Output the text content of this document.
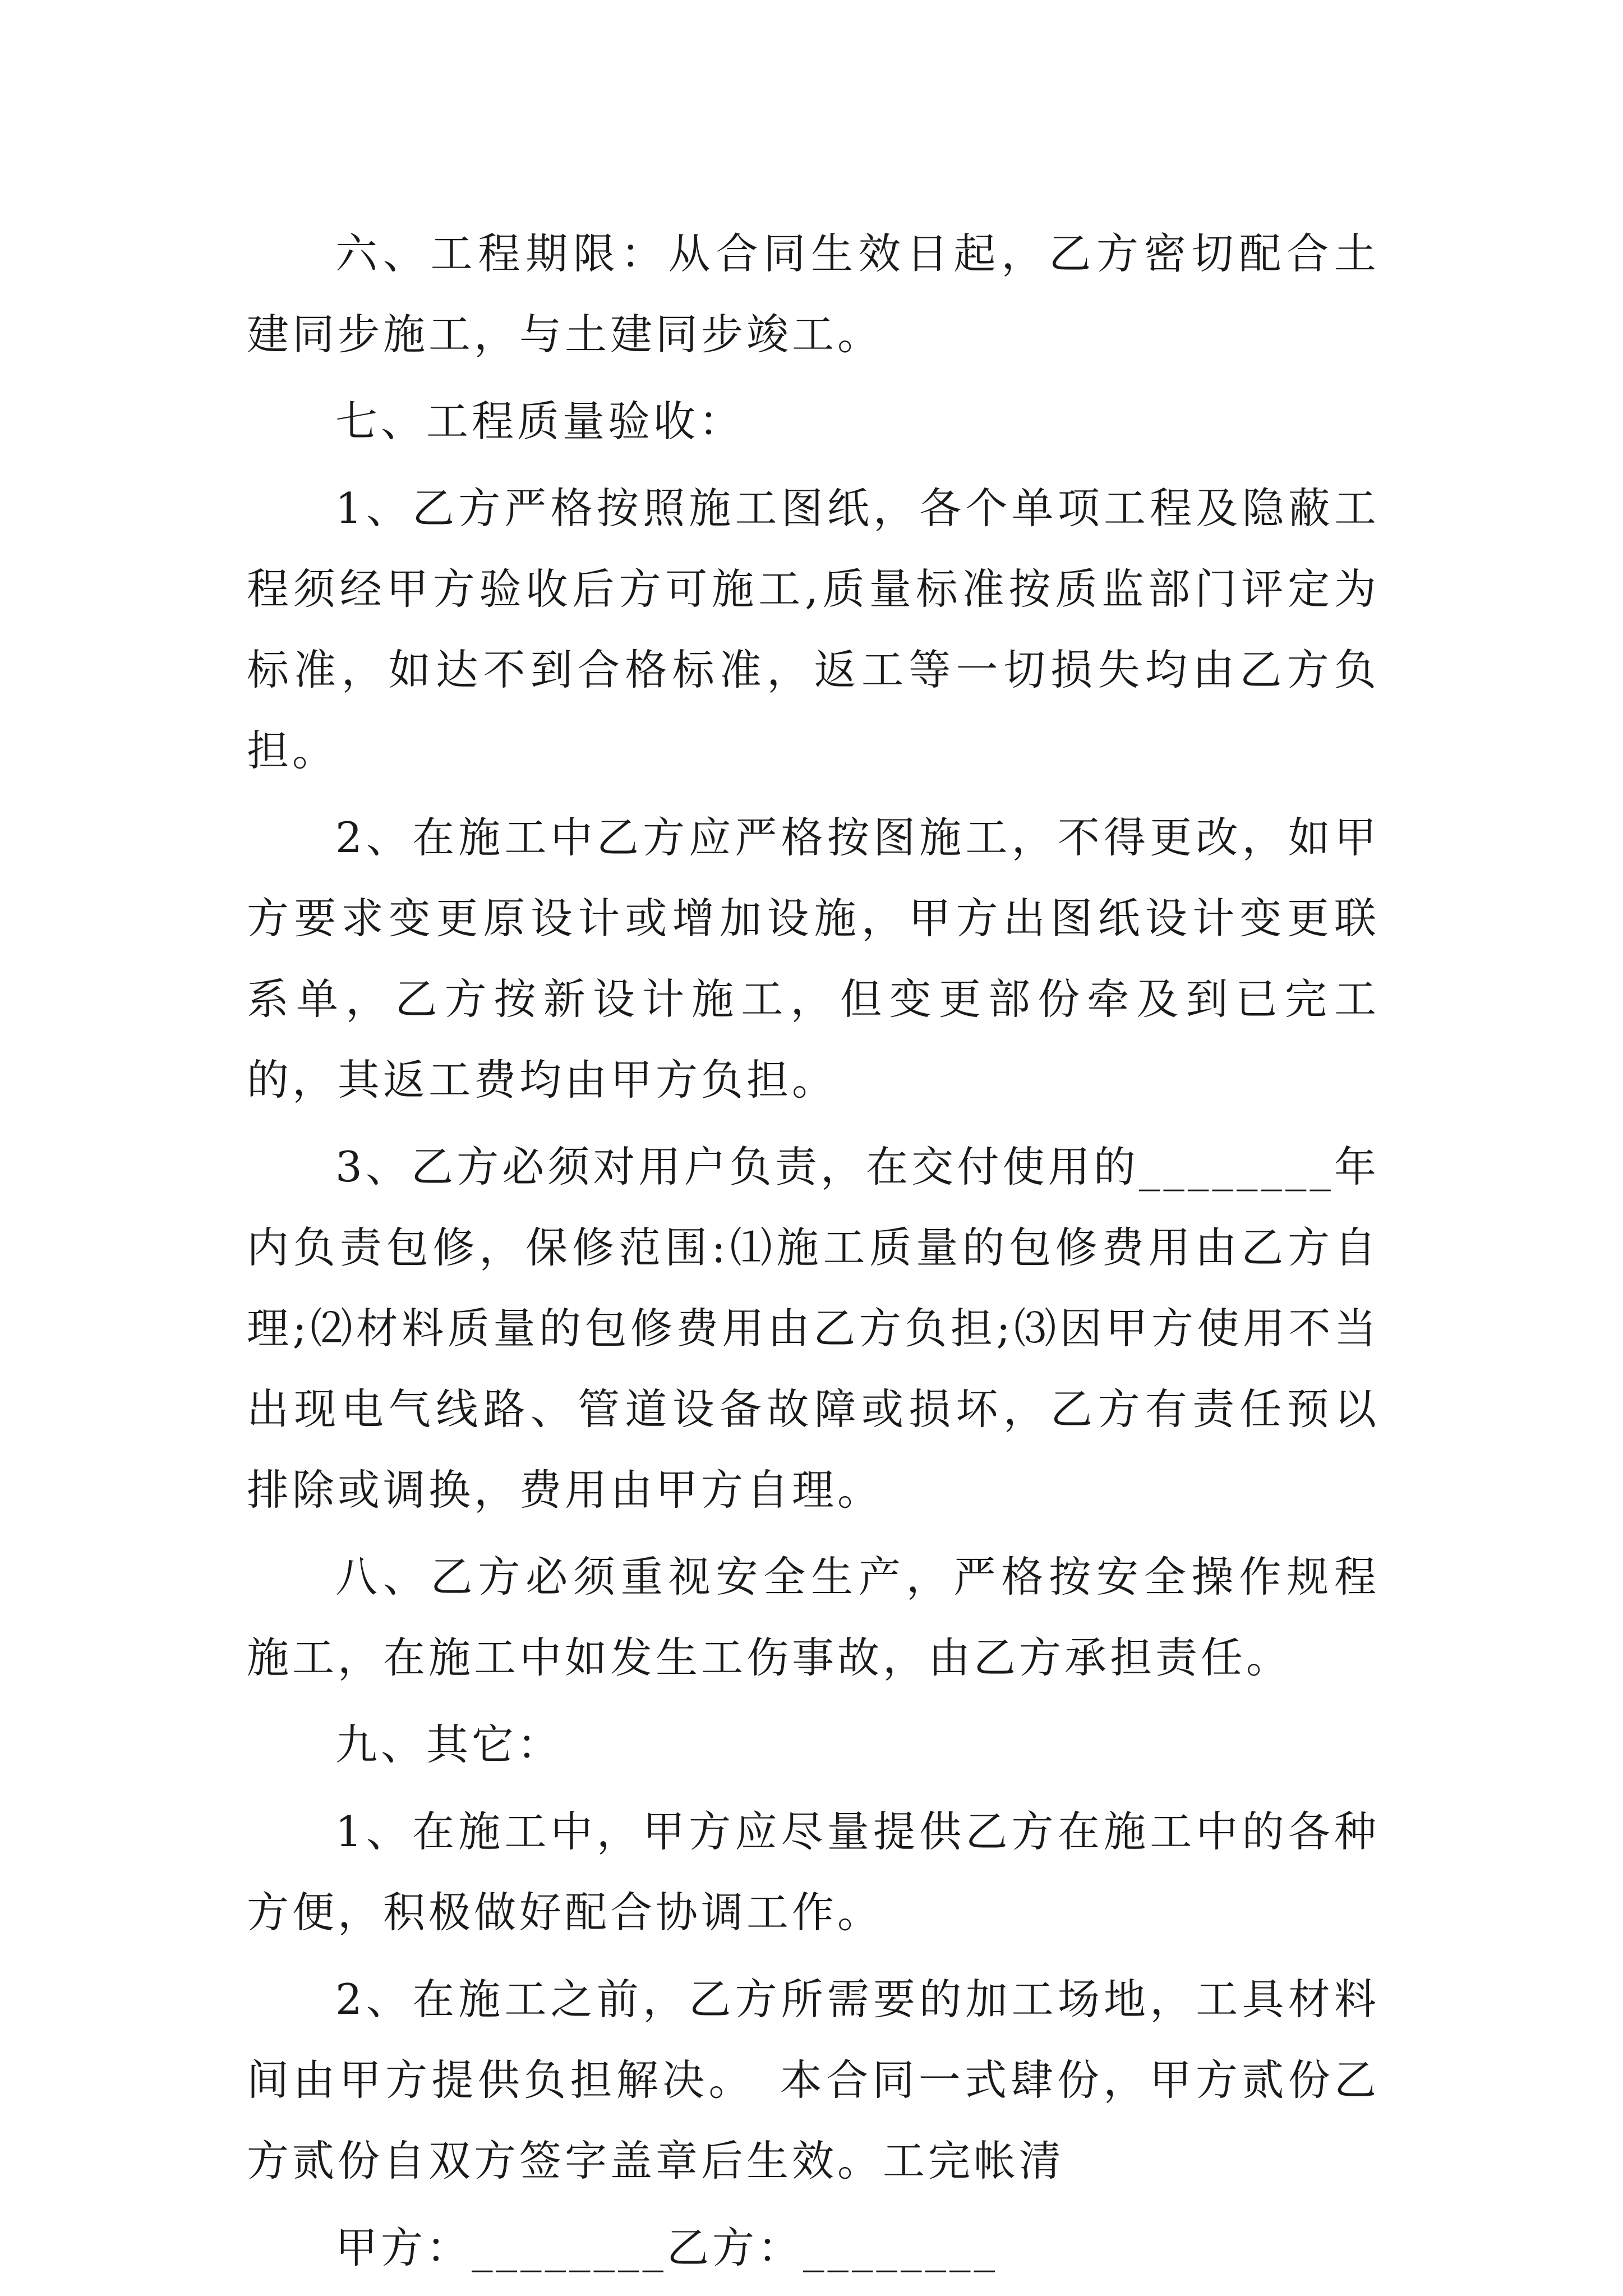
六、工程期限：从合同生效日起，乙方密切配合土建同步施工，与土建同步竣工。

七、工程质量验收：

1、乙方严格按照施工图纸，各个单项工程及隐蔽工程须经甲方验收后方可施工,质量标准按质监部门评定为标准，如达不到合格标准，返工等一切损失均由乙方负担。

2、在施工中乙方应严格按图施工，不得更改，如甲方要求变更原设计或增加设施，甲方出图纸设计变更联系单，乙方按新设计施工，但变更部份牵及到已完工的，其返工费均由甲方负担。

3、乙方必须对用户负责，在交付使用的________年内负责包修，保修范围:⑴施工质量的包修费用由乙方自理;⑵材料质量的包修费用由乙方负担;⑶因甲方使用不当出现电气线路、管道设备故障或损坏，乙方有责任预以排除或调换，费用由甲方自理。

八、乙方必须重视安全生产，严格按安全操作规程施工，在施工中如发生工伤事故，由乙方承担责任。

九、其它：

1、在施工中，甲方应尽量提供乙方在施工中的各种方便，积极做好配合协调工作。

2、在施工之前，乙方所需要的加工场地，工具材料间由甲方提供负担解决。　本合同一式肆份，甲方贰份乙方贰份自双方签字盖章后生效。工完帐清

甲方：________乙方：________
